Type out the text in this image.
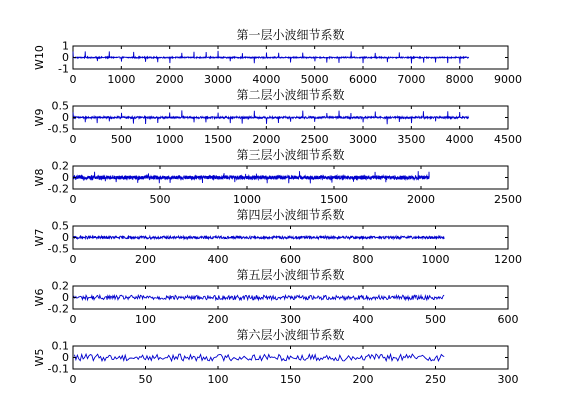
第一层小波细节系数
W10
0	1000 2000 3000 4000 5000 6000 7000 8000 9000
1
0
-1
第二层小波细节系数
W9
0	500 1000 1500 2000 2500 3000 3500 4000 4500
0.5
0
-0.5
第三层小波细节系数
W8
0	500	1000	1500	2000	2500
0.2
0
-0.2
第四层小波细节系数
W7
0	200	400	600	800	1000	1200
0.5
0
-0.5
第五层小波细节系数
W6
0	100	200	300	400	500	600
0.2
0
-0.2
第六层小波细节系数
W5
0	50	100	150	200	250	300
0.1
0
-0.1
